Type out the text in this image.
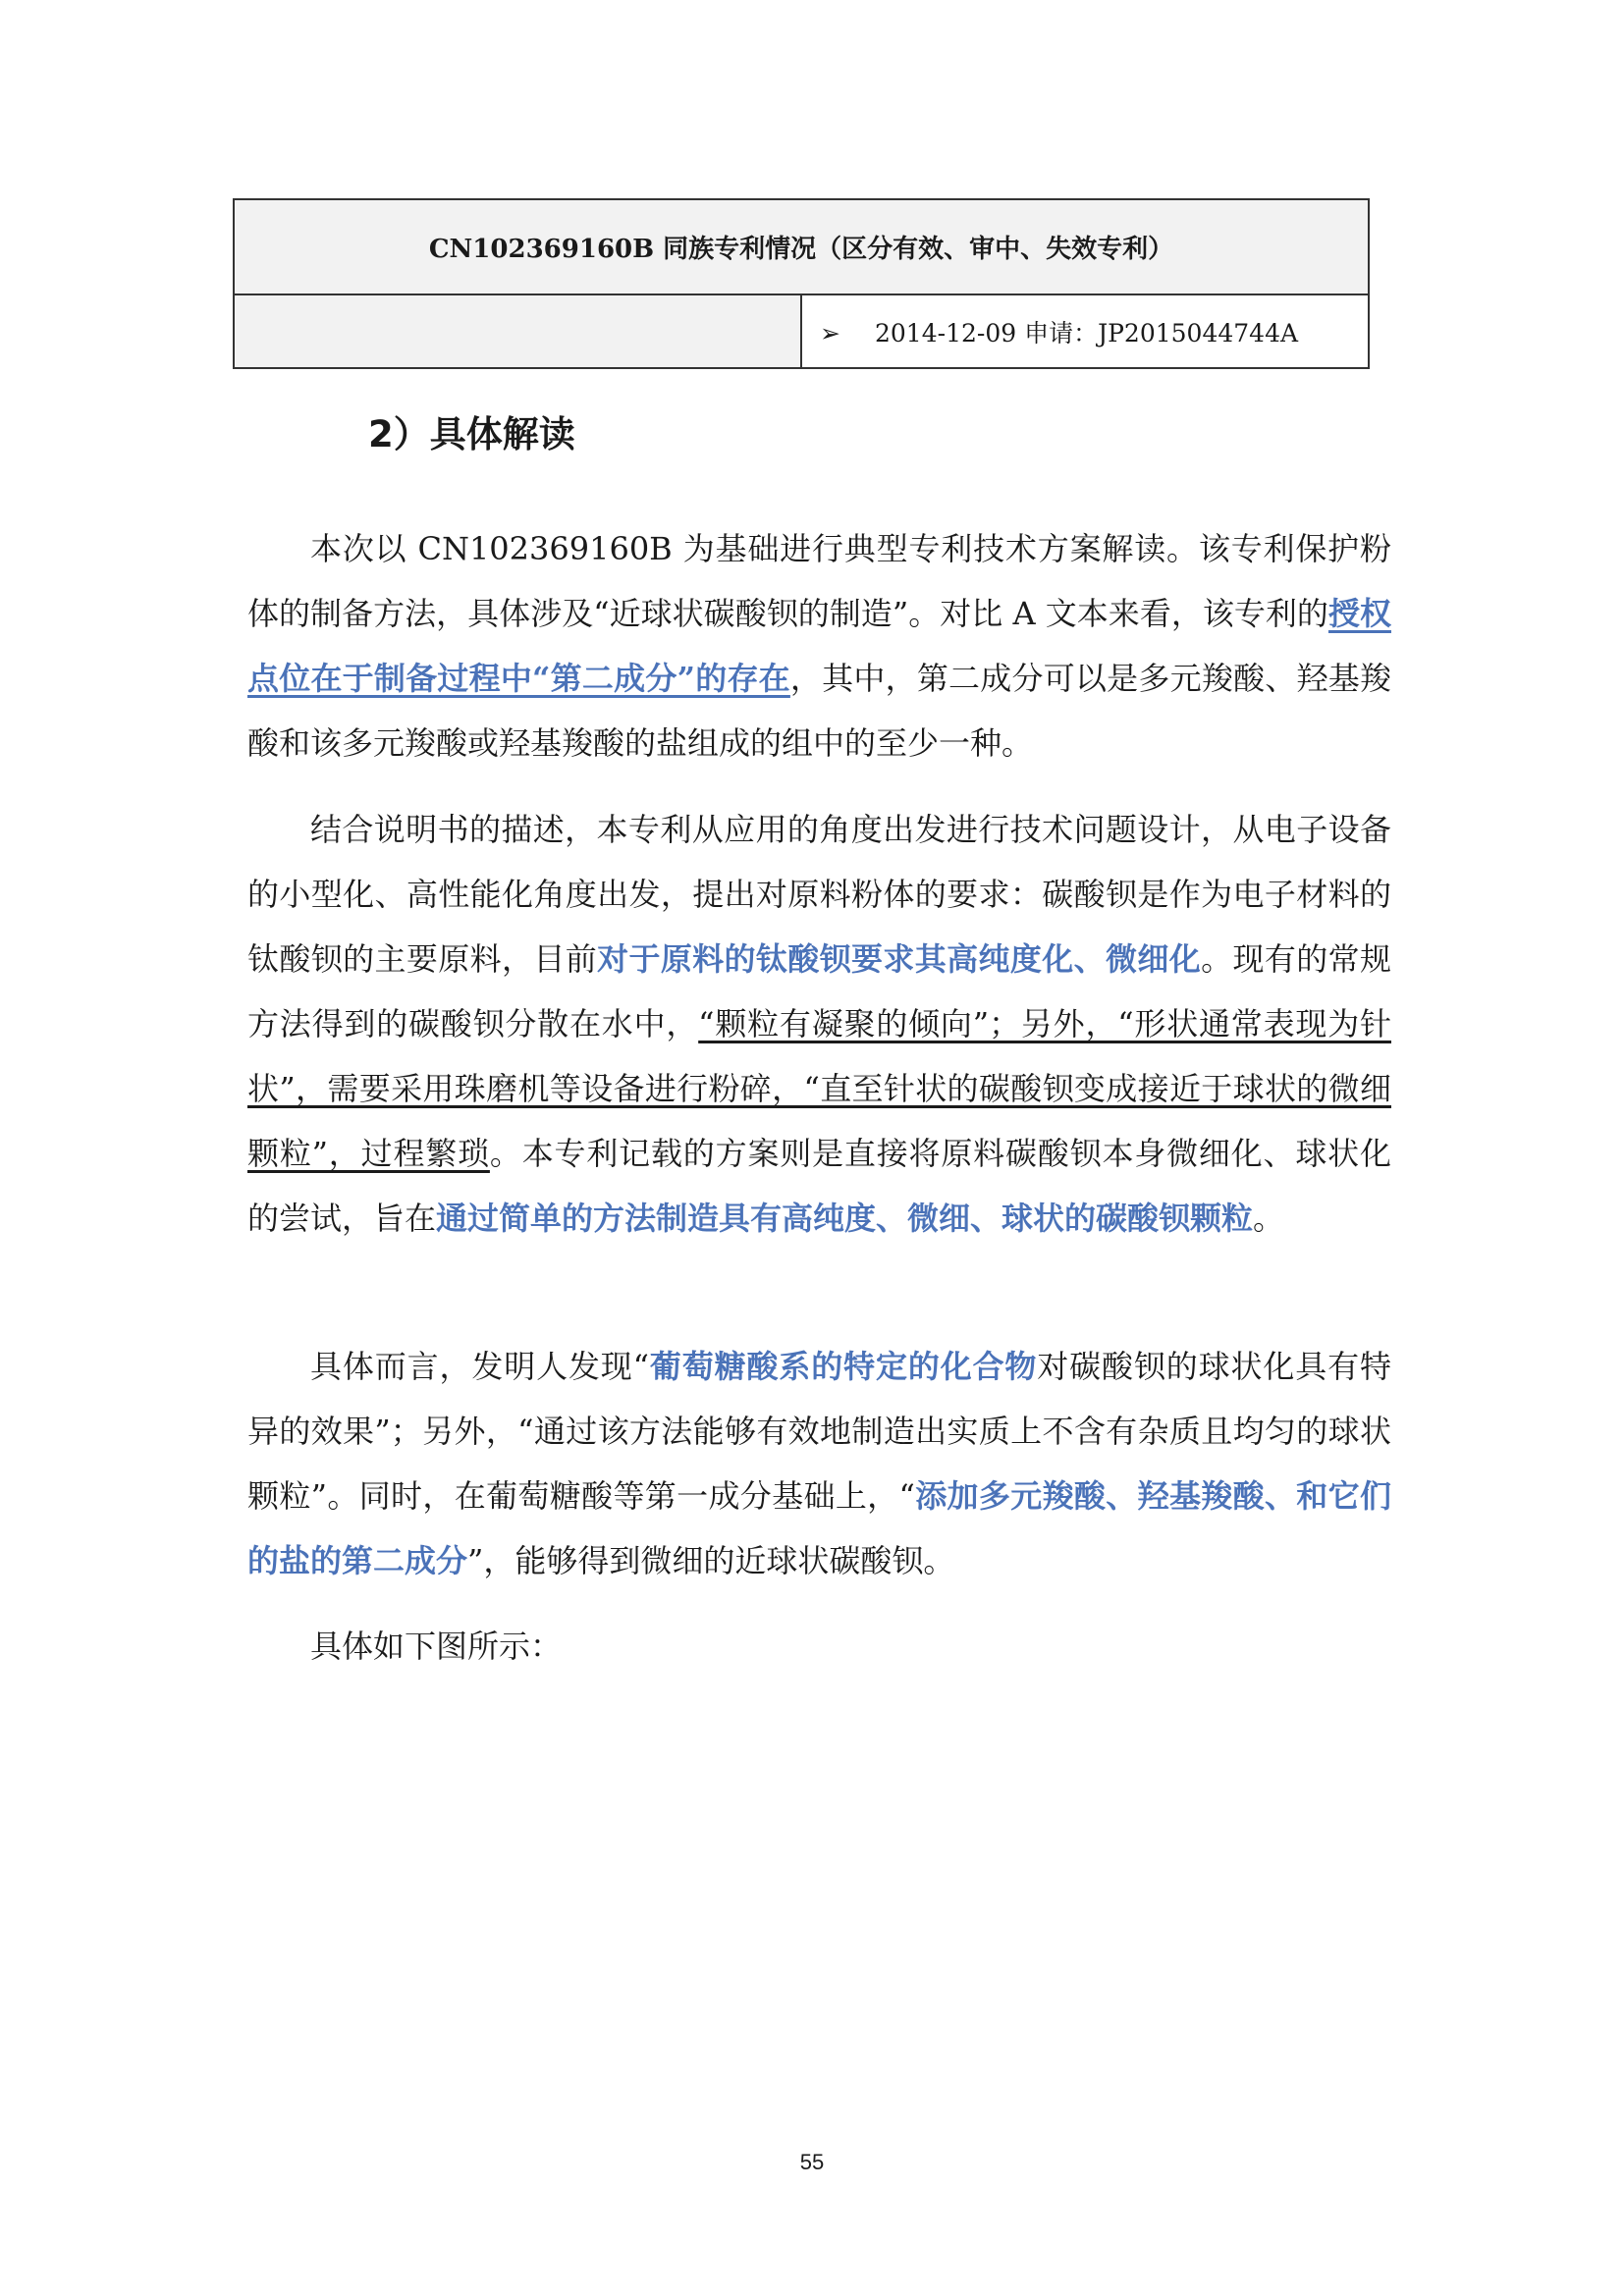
CN102369160B 同族专利情况（区分有效、审中、失效专利）
	➢ 2014-12-09 申请：JP2015044744A
2）具体解读

本次以 CN102369160B 为基础进行典型专利技术方案解读。该专利保护粉体的制备方法，具体涉及“近球状碳酸钡的制造”。对比 A 文本来看，该专利的授权点位在于制备过程中“第二成分”的存在，其中，第二成分可以是多元羧酸、羟基羧酸和该多元羧酸或羟基羧酸的盐组成的组中的至少一种。

结合说明书的描述，本专利从应用的角度出发进行技术问题设计，从电子设备的小型化、高性能化角度出发，提出对原料粉体的要求：碳酸钡是作为电子材料的钛酸钡的主要原料，目前对于原料的钛酸钡要求其高纯度化、微细化。现有的常规方法得到的碳酸钡分散在水中，“颗粒有凝聚的倾向”；另外，“形状通常表现为针状”，需要采用珠磨机等设备进行粉碎，“直至针状的碳酸钡变成接近于球状的微细颗粒”，过程繁琐。本专利记载的方案则是直接将原料碳酸钡本身微细化、球状化的尝试，旨在通过简单的方法制造具有高纯度、微细、球状的碳酸钡颗粒。

具体而言，发明人发现“葡萄糖酸系的特定的化合物对碳酸钡的球状化具有特异的效果”；另外，“通过该方法能够有效地制造出实质上不含有杂质且均匀的球状颗粒”。同时，在葡萄糖酸等第一成分基础上，“添加多元羧酸、羟基羧酸、和它们的盐的第二成分”，能够得到微细的近球状碳酸钡。

具体如下图所示：

55
